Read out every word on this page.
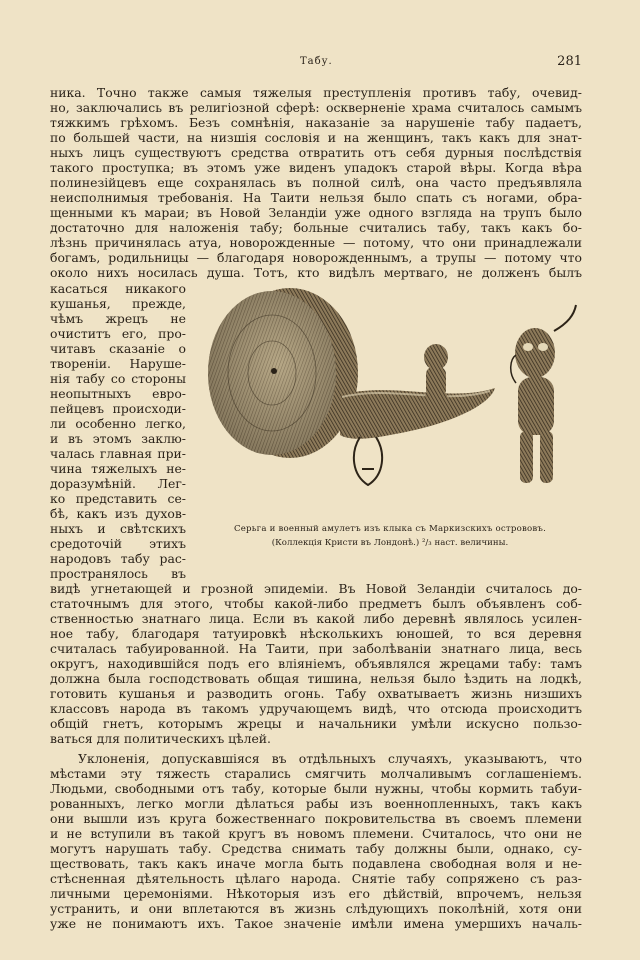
Табу.	281
ника. Точно также самыя тяжелыя преступленія противъ табу, очевид-
но, заключались въ религіозной сферѣ: оскверненіе храма считалось самымъ
тяжкимъ грѣхомъ. Безъ сомнѣнія, наказаніе за нарушеніе табу падаетъ,
по большей части, на низшія сословія и на женщинъ, такъ какъ для знат-
ныхъ лицъ существуютъ средства отвратить отъ себя дурныя послѣдствія
такого проступка; въ этомъ уже виденъ упадокъ старой вѣры. Когда вѣра
полинезійцевъ еще сохранялась въ полной силѣ, она часто предъявляла
неисполнимыя требованія. На Таити нельзя было спать съ ногами, обра-
щенными къ мараи; въ Новой Зеландіи уже одного взгляда на трупъ было
достаточно для наложенія табу; больные считались табу, такъ какъ бо-
лѣзнь причинялась атуа, новорожденные — потому, что они принадлежали
богамъ, родильницы — благодаря новорожденнымъ, а трупы — потому что
около нихъ носилась душа. Тотъ, кто видѣлъ мертваго, не долженъ былъ
касаться никакого
кушанья, прежде,
чѣмъ жрецъ не
очиститъ его, про-
читавъ сказаніе о
твореніи. Наруше-
нія табу со стороны
неопытныхъ евро-
пейцевъ происходи-
ли особенно легко,
и въ этомъ заклю-
чалась главная при-
чина тяжелыхъ не-
доразумѣній. Лег-
ко представить се-
бѣ, какъ изъ духов-
ныхъ и свѣтскихъ
средоточій этихъ
народовъ табу рас-
пространялось въ
Серьга и военный амулетъ изъ клыка съ Маркизскихъ острововъ.
(Коллекція Кристи въ Лондонѣ.) ²/₃ наст. величины.
видѣ угнетающей и грозной эпидеміи. Въ Новой Зеландіи считалось до-
статочнымъ для этого, чтобы какой-либо предметъ былъ объявленъ соб-
ственностью знатнаго лица. Если въ какой либо деревнѣ являлось усилен-
ное табу, благодаря татуировкѣ нѣсколькихъ юношей, то вся деревня
считалась табуированной. На Таити, при заболѣваніи знатнаго лица, весь
округъ, находившійся подъ его вліяніемъ, объявлялся жрецами табу: тамъ
должна была господствовать общая тишина, нельзя было ѣздить на лодкѣ,
готовить кушанья и разводить огонь. Табу охватываетъ жизнь низшихъ
классовъ народа въ такомъ удручающемъ видѣ, что отсюда происходитъ
общій гнетъ, которымъ жрецы и начальники умѣли искусно пользо-
ваться для политическихъ цѣлей.
Уклоненія, допускавшіяся въ отдѣльныхъ случаяхъ, указываютъ, что
мѣстами эту тяжесть старались смягчить молчаливымъ соглашеніемъ.
Людьми, свободными отъ табу, которые были нужны, чтобы кормить табуи-
рованныхъ, легко могли дѣлаться рабы изъ военнопленныхъ, такъ какъ
они вышли изъ круга божественнаго покровительства въ своемъ племени
и не вступили въ такой кругъ въ новомъ племени. Считалось, что они не
могутъ нарушать табу. Средства снимать табу должны были, однако, су-
ществовать, такъ какъ иначе могла быть подавлена свободная воля и не-
стѣсненная дѣятельность цѣлаго народа. Снятіе табу сопряжено съ раз-
личными церемоніями. Нѣкоторыя изъ его дѣйствій, впрочемъ, нельзя
устранить, и они вплетаются въ жизнь слѣдующихъ поколѣній, хотя они
уже не понимаютъ ихъ. Такое значеніе имѣли имена умершихъ началь-
